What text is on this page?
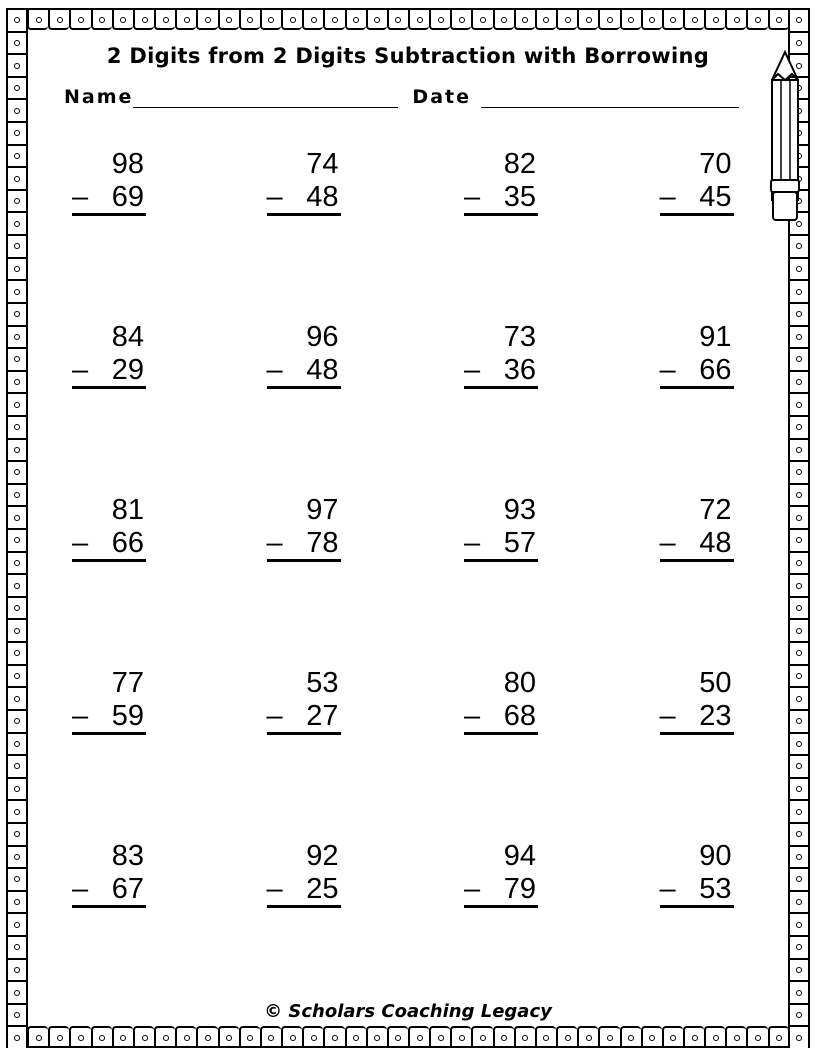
2 Digits from 2 Digits Subtraction with Borrowing
Name	Date
98
– 69
74
– 48
82
– 35
70
– 45
84
– 29
96
– 48
73
– 36
91
– 66
81
– 66
97
– 78
93
– 57
72
– 48
77
– 59
53
– 27
80
– 68
50
– 23
83
– 67
92
– 25
94
– 79
90
– 53
© Scholars Coaching Legacy
